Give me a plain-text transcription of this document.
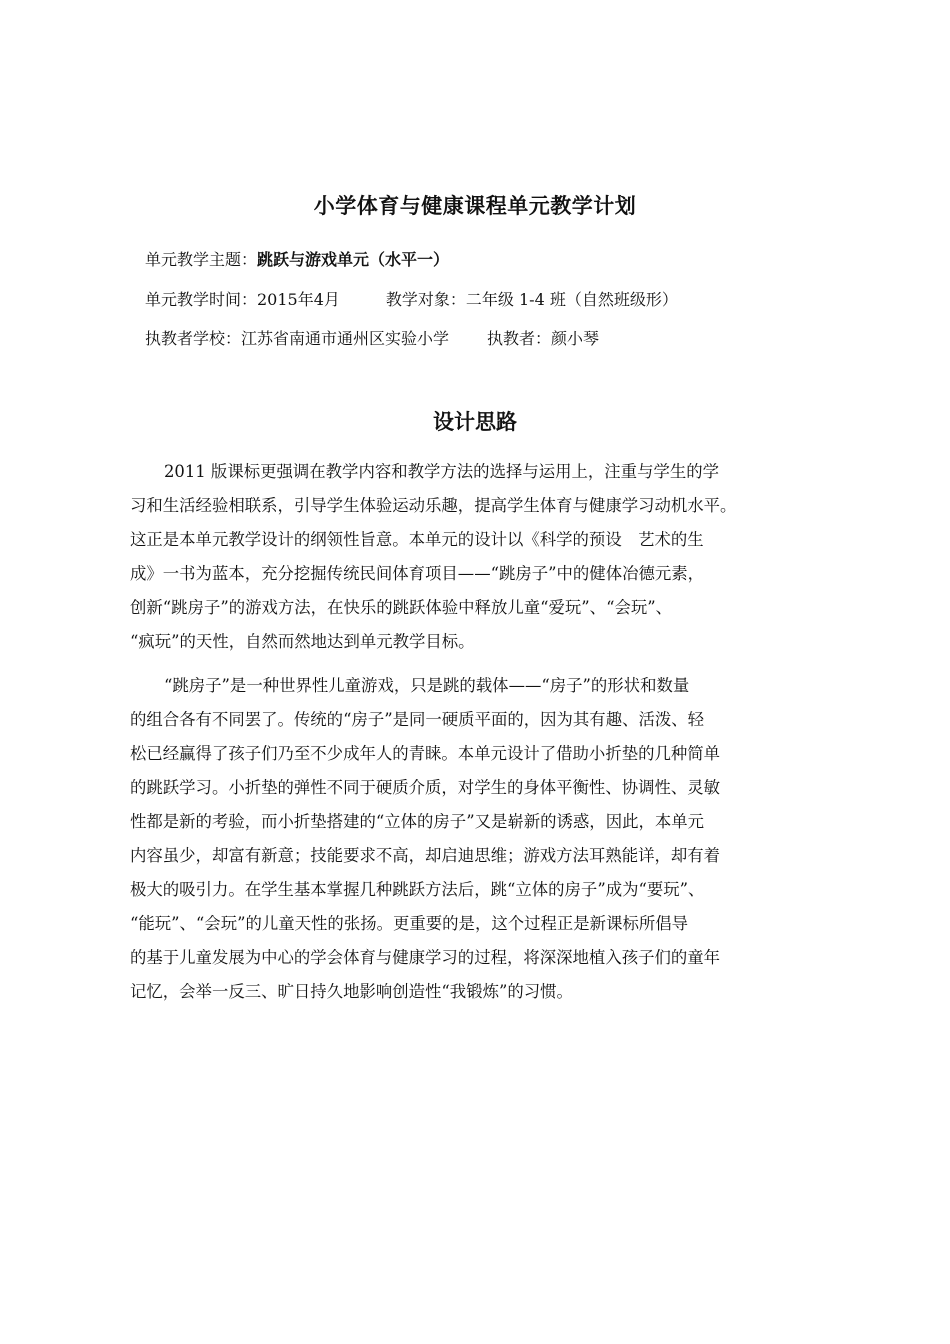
小学体育与健康课程单元教学计划
单元教学主题：跳跃与游戏单元（水平一）
单元教学时间：2015年4月	教学对象：二年级 1-4 班（自然班级形）
执教者学校：江苏省南通市通州区实验小学 执教者：颜小琴
设计思路
2011 版课标更强调在教学内容和教学方法的选择与运用上，注重与学生的学
习和生活经验相联系，引导学生体验运动乐趣，提高学生体育与健康学习动机水平。
这正是本单元教学设计的纲领性旨意。本单元的设计以《科学的预设　艺术的生
成》一书为蓝本，充分挖掘传统民间体育项目——“跳房子”中的健体冶德元素，
创新“跳房子”的游戏方法，在快乐的跳跃体验中释放儿童“爱玩”、“会玩”、
“疯玩”的天性，自然而然地达到单元教学目标。
“跳房子”是一种世界性儿童游戏，只是跳的载体——“房子”的形状和数量
的组合各有不同罢了。传统的“房子”是同一硬质平面的，因为其有趣、活泼、轻
松已经赢得了孩子们乃至不少成年人的青睐。本单元设计了借助小折垫的几种简单
的跳跃学习。小折垫的弹性不同于硬质介质，对学生的身体平衡性、协调性、灵敏
性都是新的考验，而小折垫搭建的“立体的房子”又是崭新的诱惑，因此，本单元
内容虽少，却富有新意；技能要求不高，却启迪思维；游戏方法耳熟能详，却有着
极大的吸引力。在学生基本掌握几种跳跃方法后，跳“立体的房子”成为“要玩”、
“能玩”、“会玩”的儿童天性的张扬。更重要的是，这个过程正是新课标所倡导
的基于儿童发展为中心的学会体育与健康学习的过程，将深深地植入孩子们的童年
记忆，会举一反三、旷日持久地影响创造性“我锻炼”的习惯。
